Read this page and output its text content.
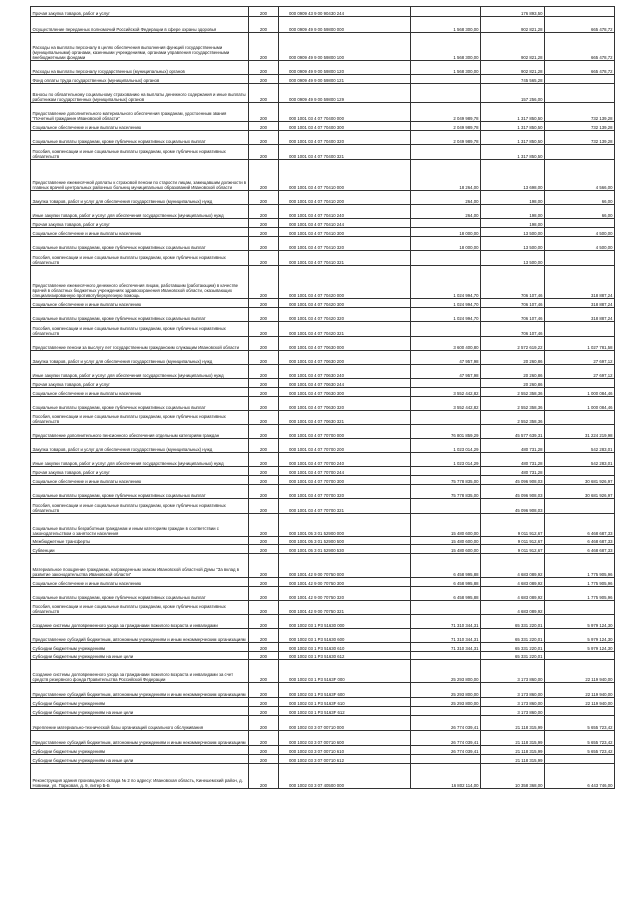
Прочая закупка товаров, работ и услуг	200	000 0909 43 9 00 90430 244		176 893,50	
Осуществление переданных полномочий Российской Федерации в сфере охраны здоровья	200	000 0909 49 9 00 59800 000	1 568 300,00	902 821,28	665 478,72
Расходы на выплаты персоналу в целях обеспечения выполнения функций государственными (муниципальными) органами, казенными учреждениями, органами управления государственными внебюджетными фондами	200	000 0909 49 9 00 59800 100	1 568 300,00	902 821,28	665 478,72
Расходы на выплаты персоналу государственных (муниципальных) органов	200	000 0909 49 9 00 59800 120	1 568 300,00	902 821,28	665 478,72
Фонд оплаты труда государственных (муниципальных) органов	200	000 0909 49 9 00 59800 121		745 565,28	
Взносы по обязательному социальному страхованию на выплаты денежного содержания и иные выплаты работникам государственных (муниципальных) органов	200	000 0909 49 9 00 59800 129		157 256,00	
Предоставление дополнительного материального обеспечения гражданам, удостоенным звания "Почетный гражданин Ивановской области"	200	000 1001 03 4 07 70400 000	2 049 989,78	1 317 850,50	732 139,28
Социальное обеспечение и иные выплаты населению	200	000 1001 03 4 07 70400 300	2 049 989,78	1 317 850,50	732 139,28
Социальные выплаты гражданам, кроме публичных нормативных социальных выплат	200	000 1001 03 4 07 70400 320	2 049 989,78	1 317 850,50	732 139,28
Пособия, компенсации и иные социальные выплаты гражданам, кроме публичных нормативных обязательств	200	000 1001 03 4 07 70400 321		1 317 850,50	
Предоставление ежемесячной доплаты к страховой пенсии по старости лицам, замещавшим должности в главных врачей центральных районных больниц муниципальных образований Ивановской области	200	000 1001 03 4 07 70410 000	18 264,00	13 698,00	4 566,00
Закупка товаров, работ и услуг для обеспечения государственных (муниципальных) нужд	200	000 1001 03 4 07 70410 200	264,00	198,00	66,00
Иные закупки товаров, работ и услуг для обеспечения государственных (муниципальных) нужд	200	000 1001 03 4 07 70410 240	264,00	198,00	66,00
Прочая закупка товаров, работ и услуг	200	000 1001 03 4 07 70410 244		198,00	
Социальное обеспечение и иные выплаты населению	200	000 1001 03 4 07 70410 300	18 000,00	13 500,00	4 500,00
Социальные выплаты гражданам, кроме публичных нормативных социальных выплат	200	000 1001 03 4 07 70410 320	18 000,00	13 500,00	4 500,00
Пособия, компенсации и иные социальные выплаты гражданам, кроме публичных нормативных обязательств	200	000 1001 03 4 07 70410 321		13 500,00	
Предоставление ежемесячного денежного обеспечения лицам, работавшим (работающим) в качестве врачей в областных бюджетных учреждениях здравоохранения Ивановской области, оказывающих специализированную противотуберкулезную помощь	200	000 1001 03 4 07 70420 000	1 024 994,70	706 107,46	318 887,24
Социальное обеспечение и иные выплаты населению	200	000 1001 03 4 07 70420 300	1 024 994,70	706 107,46	318 887,24
Социальные выплаты гражданам, кроме публичных нормативных социальных выплат	200	000 1001 03 4 07 70420 320	1 024 994,70	706 107,46	318 887,24
Пособия, компенсации и иные социальные выплаты гражданам, кроме публичных нормативных обязательств	200	000 1001 03 4 07 70420 321		706 107,46	
Предоставление пенсии за выслугу лет государственным гражданским служащим Ивановской области	200	000 1001 03 4 07 70630 000	3 600 400,80	2 572 619,22	1 027 781,58
Закупка товаров, работ и услуг для обеспечения государственных (муниципальных) нужд	200	000 1001 03 4 07 70630 200	47 957,98	20 260,86	27 697,12
Иные закупки товаров, работ и услуг для обеспечения государственных (муниципальных) нужд	200	000 1001 03 4 07 70630 240	47 957,98	20 260,86	27 697,12
Прочая закупка товаров, работ и услуг	200	000 1001 03 4 07 70630 244		20 260,86	
Социальное обеспечение и иные выплаты населению	200	000 1001 03 4 07 70630 300	3 552 442,82	2 552 358,36	1 000 084,46
Социальные выплаты гражданам, кроме публичных нормативных социальных выплат	200	000 1001 03 4 07 70630 320	3 552 442,82	2 552 358,36	1 000 084,46
Пособия, компенсации и иные социальные выплаты гражданам, кроме публичных нормативных обязательств	200	000 1001 03 4 07 70630 321		2 552 358,36	
Предоставление дополнительного пенсионного обеспечения отдельным категориям граждан	200	000 1001 03 4 07 70700 000	76 801 859,29	45 577 639,31	31 224 219,98
Закупка товаров, работ и услуг для обеспечения государственных (муниципальных) нужд	200	000 1001 03 4 07 70700 200	1 023 014,29	480 731,28	542 283,01
Иные закупки товаров, работ и услуг для обеспечения государственных (муниципальных) нужд	200	000 1001 03 4 07 70700 240	1 023 014,29	480 731,28	542 283,01
Прочая закупка товаров, работ и услуг	200	000 1001 03 4 07 70700 244		480 731,28	
Социальное обеспечение и иные выплаты населению	200	000 1001 03 4 07 70700 300	75 778 835,00	45 096 908,03	30 681 926,97
Социальные выплаты гражданам, кроме публичных нормативных социальных выплат	200	000 1001 03 4 07 70700 320	75 778 835,00	45 096 908,03	30 681 926,97
Пособия, компенсации и иные социальные выплаты гражданам, кроме публичных нормативных обязательств	200	000 1001 03 4 07 70700 321		45 096 908,03	
Социальные выплаты безработным гражданам и иным категориям граждан в соответствии с законодательством о занятости населения	200	000 1001 05 3 01 52900 000	15 480 600,00	9 011 912,67	6 468 687,33
Межбюджетные трансферты	200	000 1001 05 3 01 52900 500	15 480 600,00	9 011 912,67	6 468 687,33
Субвенции	200	000 1001 05 3 01 52900 530	15 480 600,00	9 011 912,67	6 468 687,33
Материальное поощрение гражданам, награжденным знаком Ивановской областной Думы "За вклад в развитие законодательства Ивановской области"	200	000 1001 42 9 00 70750 000	6 458 995,88	4 683 089,92	1 775 905,96
Социальное обеспечение и иные выплаты населению	200	000 1001 42 9 00 70750 300	6 458 995,88	4 683 089,92	1 775 905,96
Социальные выплаты гражданам, кроме публичных нормативных социальных выплат	200	000 1001 42 9 00 70750 320	6 458 995,88	4 683 089,92	1 775 905,96
Пособия, компенсации и иные социальные выплаты гражданам, кроме публичных нормативных обязательств	200	000 1001 42 9 00 70750 321		4 683 089,92	
Создание системы долговременного ухода за гражданами пожилого возраста и инвалидами	200	000 1002 03 1 P3 51630 000	71 310 344,31	65 331 220,01	5 979 124,30
Предоставление субсидий бюджетным, автономным учреждениям и иным некоммерческим организациям	200	000 1002 03 1 P3 51630 600	71 310 344,31	65 331 220,01	5 979 124,30
Субсидии бюджетным учреждениям	200	000 1002 03 1 P3 51630 610	71 310 344,31	65 331 220,01	5 979 124,30
Субсидии бюджетным учреждениям на иные цели	200	000 1002 03 1 P3 51630 612		65 331 220,01	
Создание системы долговременного ухода за гражданами пожилого возраста и инвалидами за счет средств резервного фонда Правительства Российской Федерации	200	000 1002 03 1 P3 5163F 000	25 293 800,00	3 173 860,00	22 119 940,00
Предоставление субсидий бюджетным, автономным учреждениям и иным некоммерческим организациям	200	000 1002 03 1 P3 5163F 600	25 293 800,00	3 173 860,00	22 119 940,00
Субсидии бюджетным учреждениям	200	000 1002 03 1 P3 5163F 610	25 293 800,00	3 173 860,00	22 119 940,00
Субсидии бюджетным учреждениям на иные цели	200	000 1002 03 1 P3 5163F 612		3 173 860,00	
Укрепление материально-технической базы организаций социального обслуживания	200	000 1002 03 3 07 00710 000	26 774 039,41	21 118 315,99	5 655 723,42
Предоставление субсидий бюджетным, автономным учреждениям и иным некоммерческим организациям	200	000 1002 03 3 07 00710 600	26 774 039,41	21 118 315,99	5 655 723,42
Субсидии бюджетным учреждениям	200	000 1002 03 3 07 00710 610	26 774 039,41	21 118 315,99	5 655 723,42
Субсидии бюджетным учреждениям на иные цели	200	000 1002 03 3 07 00710 612		21 118 315,99	
Реконструкция здания производного склада № 2 по адресу: Ивановская область, Кинешемский район, д. Новинки, ул. Парковая, д. 9, литер Б-Б	200	000 1002 03 3 07 40500 000	16 802 114,00	10 358 368,00	6 443 746,00
